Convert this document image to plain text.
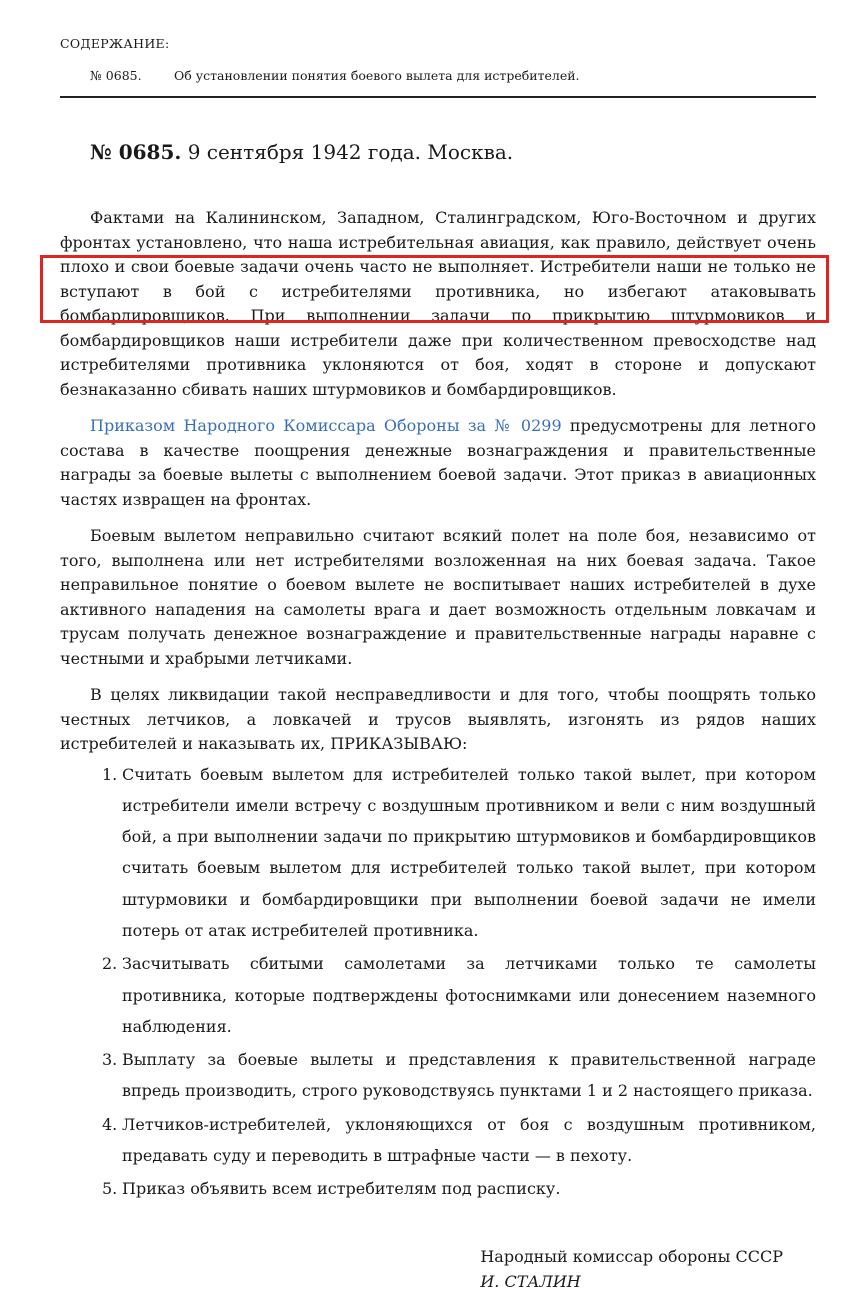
СОДЕРЖАНИЕ:
№ 0685.	Об установлении понятия боевого вылета для истребителей.
№ 0685. 9 сентября 1942 года. Москва.

Фактами на Калининском, Западном, Сталинградском, Юго-Восточном и других фронтах установлено, что наша истребительная авиация, как правило, действует очень плохо и свои боевые задачи очень часто не выполняет. Истребители наши не только не вступают в бой с истребителями противника, но избегают атаковывать бомбардировщиков. При выполнении задачи по прикрытию штурмовиков и бомбардировщиков наши истребители даже при количественном превосходстве над истребителями противника уклоняются от боя, ходят в стороне и допускают безнаказанно сбивать наших штурмовиков и бомбардировщиков.

Приказом Народного Комиссара Обороны за № 0299 предусмотрены для летного состава в качестве поощрения денежные вознаграждения и правительственные награды за боевые вылеты с выполнением боевой задачи. Этот приказ в авиационных частях извращен на фронтах.

Боевым вылетом неправильно считают всякий полет на поле боя, независимо от того, выполнена или нет истребителями возложенная на них боевая задача. Такое неправильное понятие о боевом вылете не воспитывает наших истребителей в духе активного нападения на самолеты врага и дает возможность отдельным ловкачам и трусам получать денежное вознаграждение и правительственные награды наравне с честными и храбрыми летчиками.

В целях ликвидации такой несправедливости и для того, чтобы поощрять только честных летчиков, а ловкачей и трусов выявлять, изгонять из рядов наших истребителей и наказывать их, ПРИКАЗЫВАЮ:

1. Считать боевым вылетом для истребителей только такой вылет, при котором истребители имели встречу с воздушным противником и вели с ним воздушный бой, а при выполнении задачи по прикрытию штурмовиков и бомбардировщиков считать боевым вылетом для истребителей только такой вылет, при котором штурмовики и бомбардировщики при выполнении боевой задачи не имели потерь от атак истребителей противника.
2. Засчитывать сбитыми самолетами за летчиками только те самолеты противника, которые подтверждены фотоснимками или донесением наземного наблюдения.
3. Выплату за боевые вылеты и представления к правительственной награде впредь производить, строго руководствуясь пунктами 1 и 2 настоящего приказа.
4. Летчиков-истребителей, уклоняющихся от боя с воздушным противником, предавать суду и переводить в штрафные части — в пехоту.
5. Приказ объявить всем истребителям под расписку.
Народный комиссар обороны СССР
И. СТАЛИН
